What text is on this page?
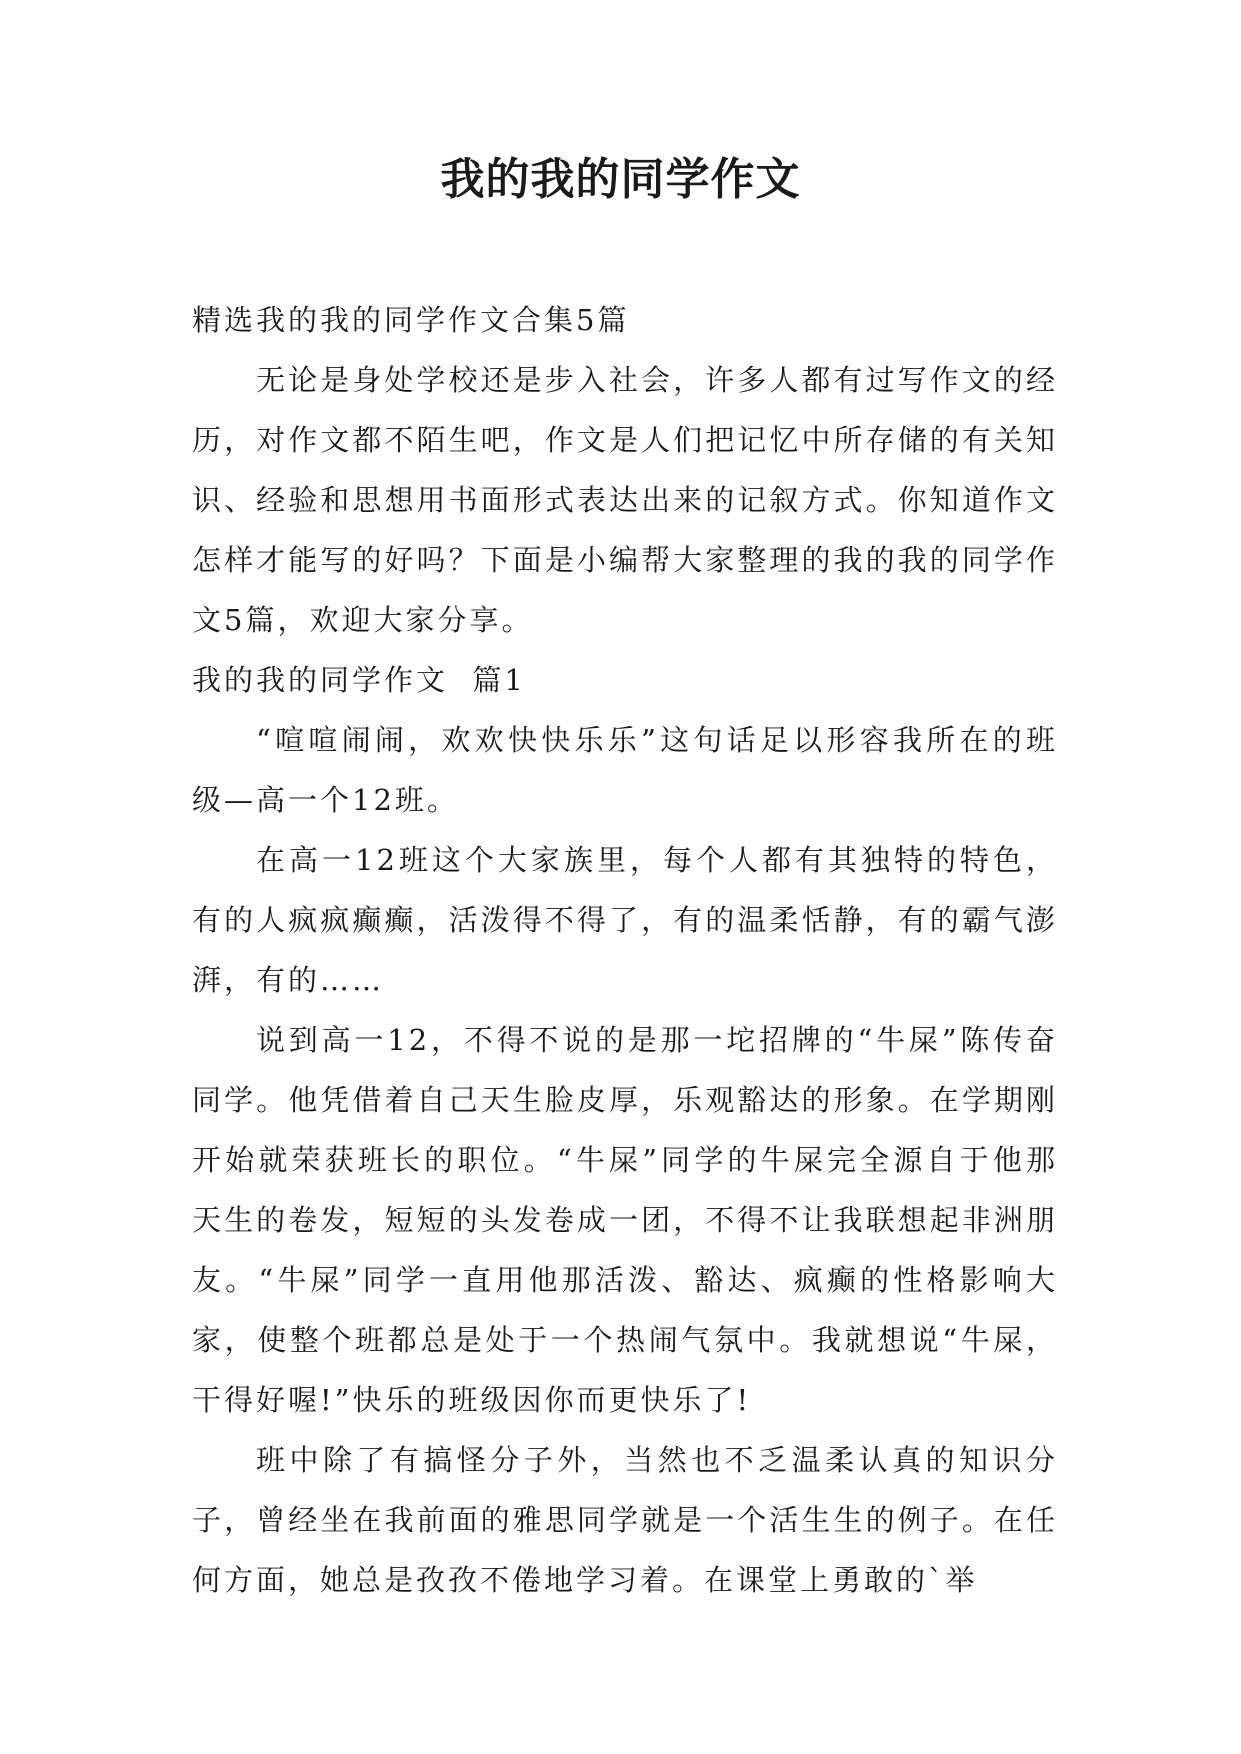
我的我的同学作文

精选我的我的同学作文合集5篇

无论是身处学校还是步入社会，许多人都有过写作文的经历，对作文都不陌生吧，作文是人们把记忆中所存储的有关知识、经验和思想用书面形式表达出来的记叙方式。你知道作文怎样才能写的好吗？下面是小编帮大家整理的我的我的同学作文5篇，欢迎大家分享。

我的我的同学作文  篇1

“喧喧闹闹，欢欢快快乐乐”这句话足以形容我所在的班级—高一个12班。

在高一12班这个大家族里，每个人都有其独特的特色，有的人疯疯癫癫，活泼得不得了，有的温柔恬静，有的霸气澎湃，有的……

说到高一12，不得不说的是那一坨招牌的“牛屎”陈传奋同学。他凭借着自己天生脸皮厚，乐观豁达的形象。在学期刚开始就荣获班长的职位。“牛屎”同学的牛屎完全源自于他那天生的卷发，短短的头发卷成一团，不得不让我联想起非洲朋友。“牛屎”同学一直用他那活泼、豁达、疯癫的性格影响大家，使整个班都总是处于一个热闹气氛中。我就想说“牛屎，干得好喔!”快乐的班级因你而更快乐了!

班中除了有搞怪分子外，当然也不乏温柔认真的知识分子，曾经坐在我前面的雅思同学就是一个活生生的例子。在任何方面，她总是孜孜不倦地学习着。在课堂上勇敢的`举
